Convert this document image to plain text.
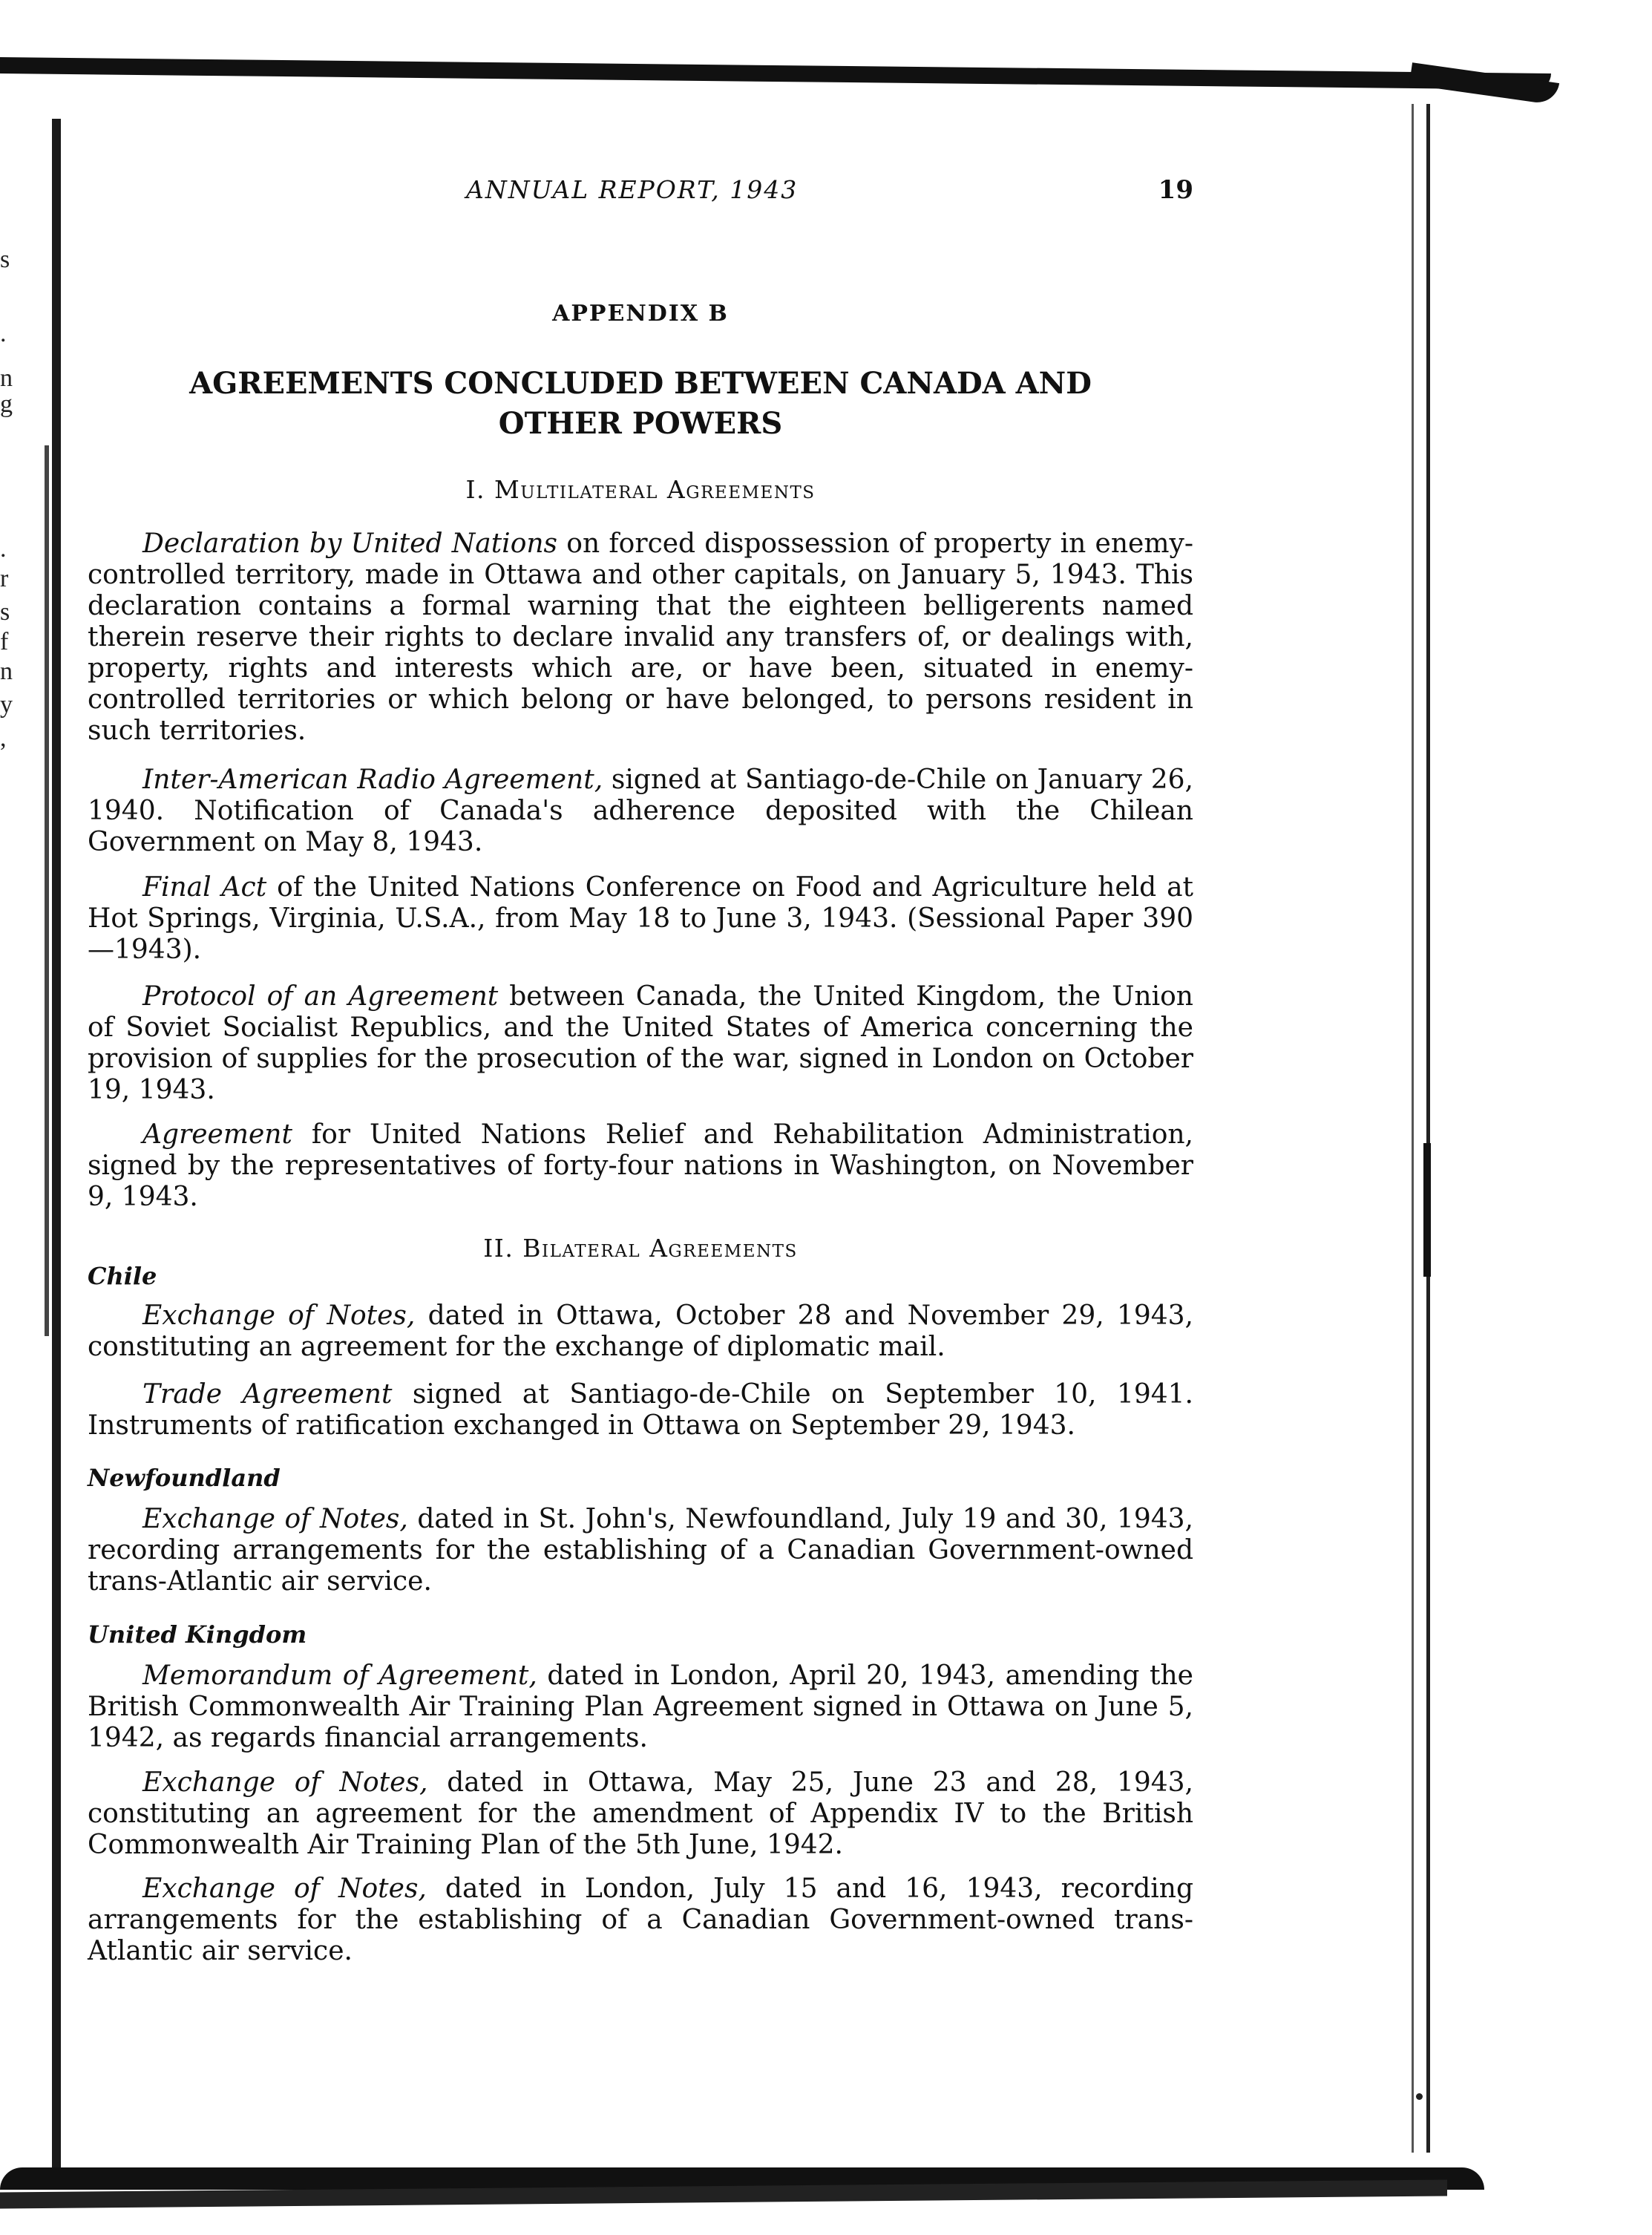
s
.
n
g
.
r
s
f
n
y
,
ANNUAL REPORT, 1943	19
APPENDIX B
AGREEMENTS CONCLUDED BETWEEN CANADA AND
OTHER POWERS
I. Multilateral Agreements
Declaration by United Nations on forced dispossession of property in enemy-controlled territory, made in Ottawa and other capitals, on January 5, 1943. This declaration contains a formal warning that the eighteen belligerents named therein reserve their rights to declare invalid any transfers of, or dealings with, property, rights and interests which are, or have been, situated in enemy-controlled territories or which belong or have belonged, to persons resident in such territories.
Inter-American Radio Agreement, signed at Santiago-de-Chile on January 26, 1940. Notification of Canada's adherence deposited with the Chilean Government on May 8, 1943.
Final Act of the United Nations Conference on Food and Agriculture held at Hot Springs, Virginia, U.S.A., from May 18 to June 3, 1943. (Sessional Paper 390—1943).
Protocol of an Agreement between Canada, the United Kingdom, the Union of Soviet Socialist Republics, and the United States of America concerning the provision of supplies for the prosecution of the war, signed in London on October 19, 1943.
Agreement for United Nations Relief and Rehabilitation Administration, signed by the representatives of forty-four nations in Washington, on November 9, 1943.
II. Bilateral Agreements
Chile
Exchange of Notes, dated in Ottawa, October 28 and November 29, 1943, constituting an agreement for the exchange of diplomatic mail.
Trade Agreement signed at Santiago-de-Chile on September 10, 1941. Instruments of ratification exchanged in Ottawa on September 29, 1943.
Newfoundland
Exchange of Notes, dated in St. John's, Newfoundland, July 19 and 30, 1943, recording arrangements for the establishing of a Canadian Government-owned trans-Atlantic air service.
United Kingdom
Memorandum of Agreement, dated in London, April 20, 1943, amending the British Commonwealth Air Training Plan Agreement signed in Ottawa on June 5, 1942, as regards financial arrangements.
Exchange of Notes, dated in Ottawa, May 25, June 23 and 28, 1943, constituting an agreement for the amendment of Appendix IV to the British Commonwealth Air Training Plan of the 5th June, 1942.
Exchange of Notes, dated in London, July 15 and 16, 1943, recording arrangements for the establishing of a Canadian Government-owned trans-Atlantic air service.
